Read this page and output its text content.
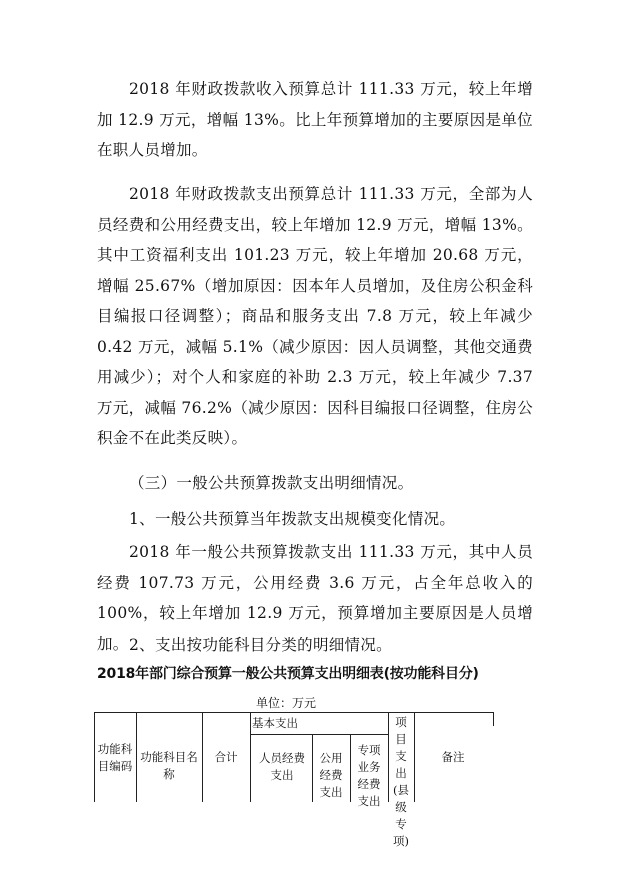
2018 年财政拨款收入预算总计 111.33 万元，较上年增加 12.9 万元，增幅 13%。比上年预算增加的主要原因是单位在职人员增加。

2018 年财政拨款支出预算总计 111.33 万元，全部为人员经费和公用经费支出，较上年增加 12.9 万元，增幅 13%。其中工资福利支出 101.23 万元，较上年增加 20.68 万元，增幅 25.67%（增加原因：因本年人员增加，及住房公积金科目编报口径调整）；商品和服务支出 7.8 万元，较上年减少 0.42 万元，减幅 5.1%（减少原因：因人员调整，其他交通费用减少）；对个人和家庭的补助 2.3 万元，较上年减少 7.37 万元，减幅 76.2%（减少原因：因科目编报口径调整，住房公积金不在此类反映）。

（三）一般公共预算拨款支出明细情况。

1、一般公共预算当年拨款支出规模变化情况。

2018 年一般公共预算拨款支出 111.33 万元，其中人员经费 107.73 万元，公用经费 3.6 万元，占全年总收入的 100%，较上年增加 12.9 万元，预算增加主要原因是人员增加。 2、支出按功能科目分类的明细情况。

2018年部门综合预算一般公共预算支出明细表(按功能科目分)
单位：万元
功能科目编码
功能科目名称
合计
基本支出
人员经费支出
公用经费支出
专项业务经费支出
项目支出(县级专项)
备注
